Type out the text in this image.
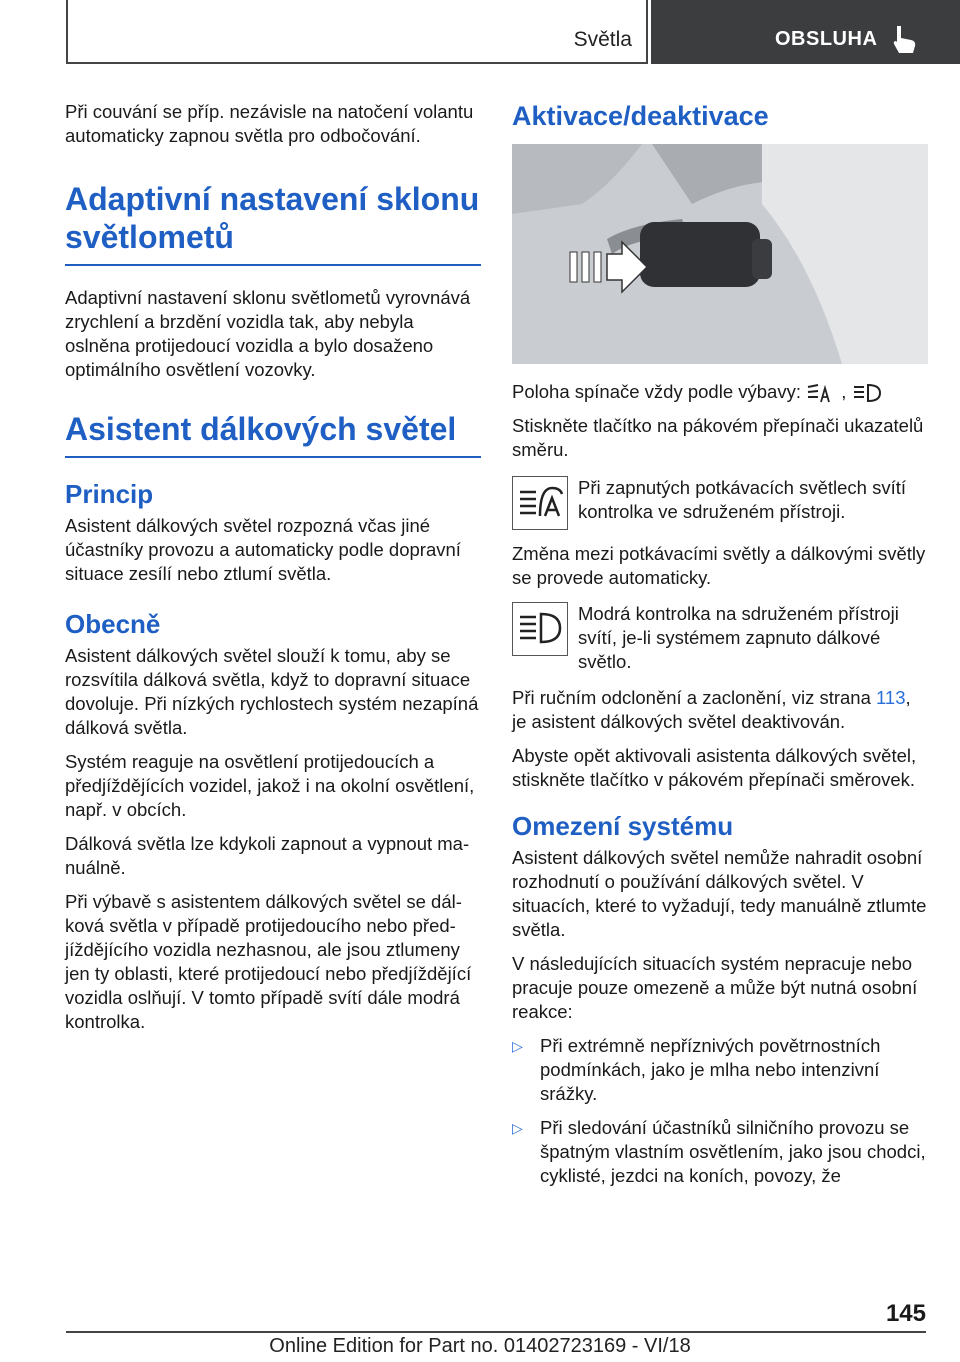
Světla	OBSLUHA

Při couvání se příp. nezávisle na natočení volantu automaticky zapnou světla pro odbočování.

Adaptivní nastavení sklonu světlometů

Adaptivní nastavení sklonu světlometů vyrovnává zrychlení a brzdění vozidla tak, aby nebyla oslněna protijedoucí vozidla a bylo dosaženo optimálního osvětlení vozovky.

Asistent dálkových světel
Princip

Asistent dálkových světel rozpozná včas jiné účastníky provozu a automaticky podle dopravní situace zesílí nebo ztlumí světla.

Obecně

Asistent dálkových světel slouží k tomu, aby se rozsvítila dálková světla, když to dopravní situace dovoluje. Při nízkých rychlostech systém nezapíná dálková světla.

Systém reaguje na osvětlení protijedoucích a předjíždějících vozidel, jakož i na okolní osvětlení, např. v obcích.

Dálková světla lze kdykoli zapnout a vypnout manuálně.

Při výbavě s asistentem dálkových světel se dálková světla v případě protijedoucího nebo předjíždějícího vozidla nezhasnou, ale jsou ztlumeny jen ty oblasti, které protijedoucí nebo předjíždějící vozidla oslňují. V tomto případě svítí dále modrá kontrolka.

Aktivace/deaktivace

Poloha spínače vždy podle výbavy: ,

Stiskněte tlačítko na pákovém přepínači ukazatelů směru.

Při zapnutých potkávacích světlech svítí kontrolka ve sdruženém přístroji.

Změna mezi potkávacími světly a dálkovými světly se provede automaticky.

Modrá kontrolka na sdruženém přístroji svítí, je-li systémem zapnuto dálkové světlo.

Při ručním odclonění a zaclonění, viz strana 113, je asistent dálkových světel deaktivován.

Abyste opět aktivovali asistenta dálkových světel, stiskněte tlačítko v pákovém přepínači směrovek.

Omezení systému

Asistent dálkových světel nemůže nahradit osobní rozhodnutí o používání dálkových světel. V situacích, které to vyžadují, tedy manuálně ztlumte světla.

V následujících situacích systém nepracuje nebo pracuje pouze omezeně a může být nutná osobní reakce:

▷ Při extrémně nepříznivých povětrnostních podmínkách, jako je mlha nebo intenzivní srážky.

▷ Při sledování účastníků silničního provozu se špatným vlastním osvětlením, jako jsou chodci, cyklisté, jezdci na koních, povozy, že

145
Online Edition for Part no. 01402723169 - VI/18
